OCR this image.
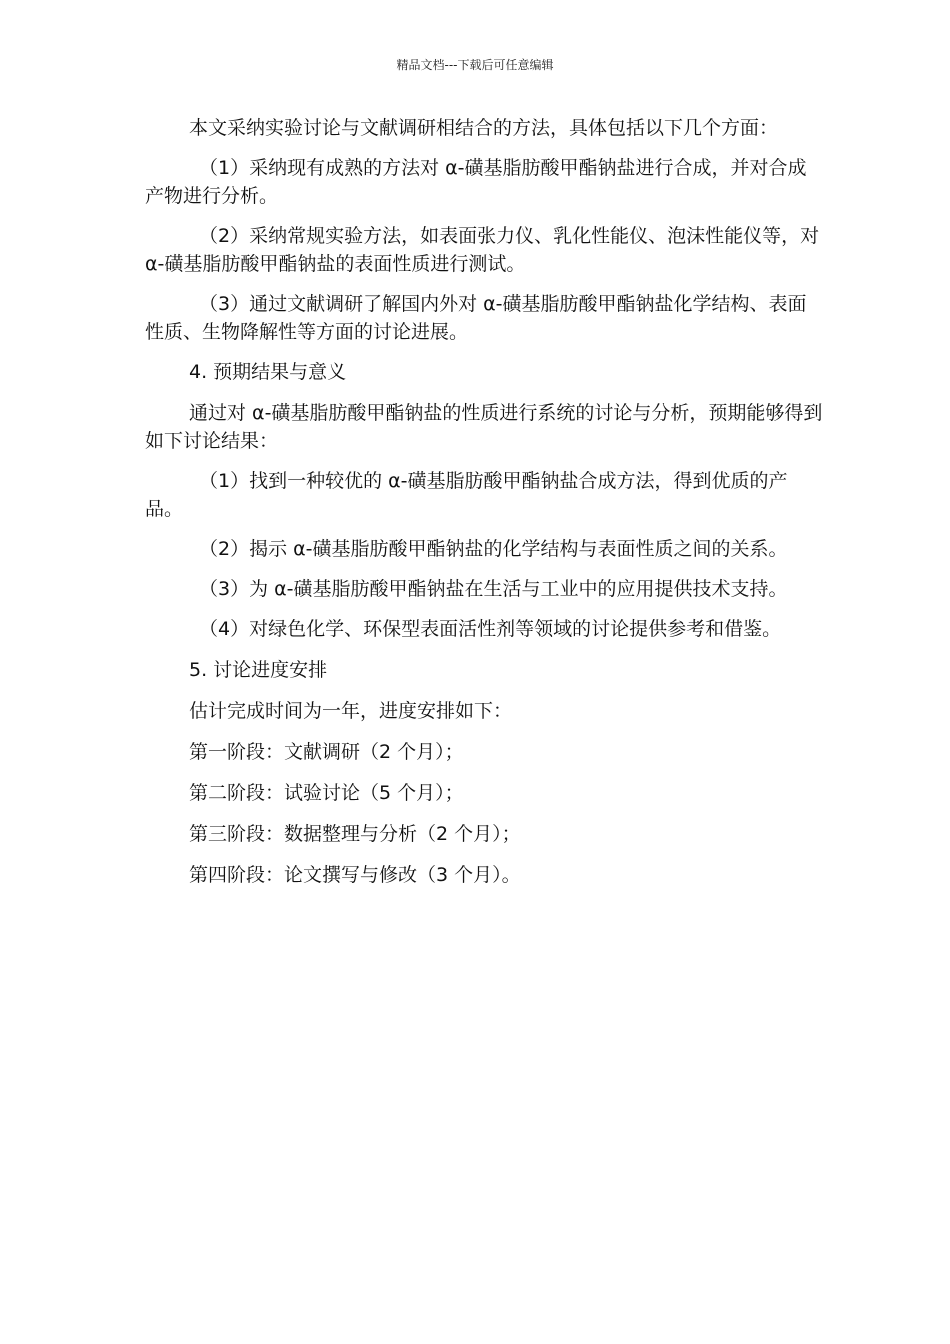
精品文档---下载后可任意编辑
本文采纳实验讨论与文献调研相结合的方法，具体包括以下几个方面：
（1）采纳现有成熟的方法对 α-磺基脂肪酸甲酯钠盐进行合成，并对合成产物进行分析。
（2）采纳常规实验方法，如表面张力仪、乳化性能仪、泡沫性能仪等，对 α-磺基脂肪酸甲酯钠盐的表面性质进行测试。
（3）通过文献调研了解国内外对 α-磺基脂肪酸甲酯钠盐化学结构、表面性质、生物降解性等方面的讨论进展。
4. 预期结果与意义
通过对 α-磺基脂肪酸甲酯钠盐的性质进行系统的讨论与分析，预期能够得到如下讨论结果：
（1）找到一种较优的 α-磺基脂肪酸甲酯钠盐合成方法，得到优质的产品。
（2）揭示 α-磺基脂肪酸甲酯钠盐的化学结构与表面性质之间的关系。
（3）为 α-磺基脂肪酸甲酯钠盐在生活与工业中的应用提供技术支持。
（4）对绿色化学、环保型表面活性剂等领域的讨论提供参考和借鉴。
5. 讨论进度安排
估计完成时间为一年，进度安排如下：
第一阶段：文献调研（2 个月）；
第二阶段：试验讨论（5 个月）；
第三阶段：数据整理与分析（2 个月）；
第四阶段：论文撰写与修改（3 个月）。
